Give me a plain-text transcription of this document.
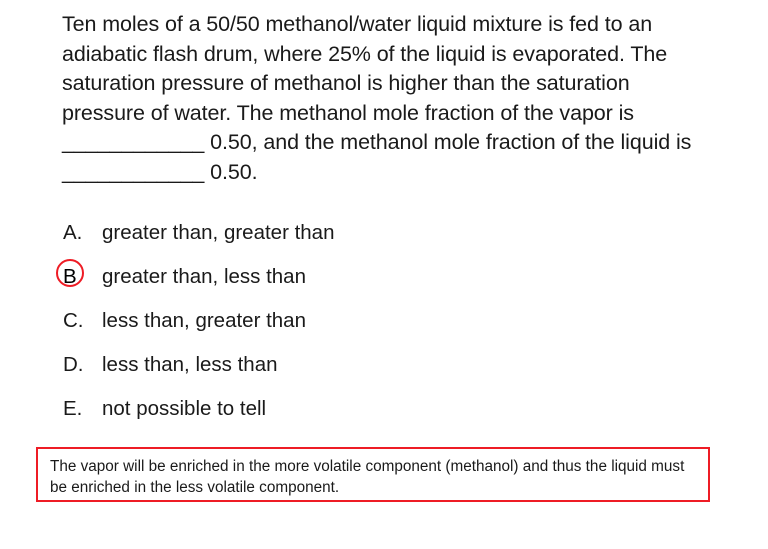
Ten moles of a 50/50 methanol/water liquid mixture is fed to an adiabatic flash drum, where 25% of the liquid is evaporated. The saturation pressure of methanol is higher than the saturation pressure of water. The methanol mole fraction of the vapor is ____________ 0.50, and the methanol mole fraction of the liquid is ____________ 0.50.
A. greater than, greater than
B	greater than, less than
C. less than, greater than
D. less than, less than
E. not possible to tell
The vapor will be enriched in the more volatile component (methanol) and thus the liquid must be enriched in the less volatile component.
